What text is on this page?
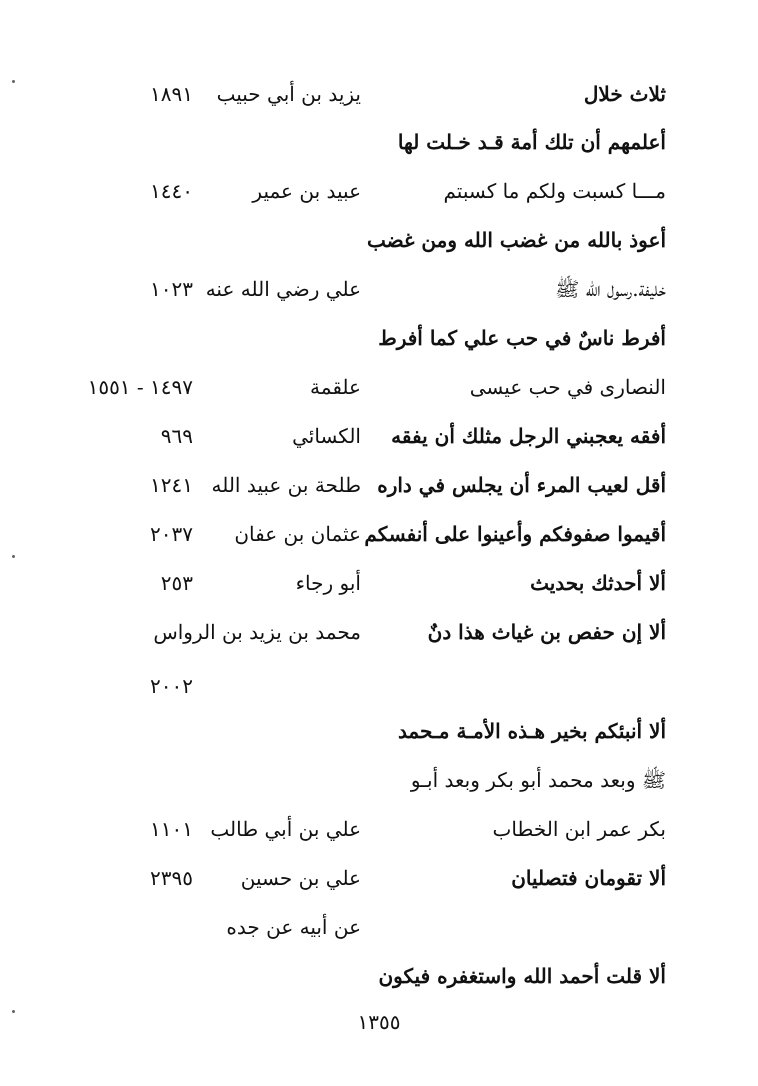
ثلاث خلال
يزيد بن أبي حبيب
١٨٩١
أعلمهم أن تلك أمة قـد خـلت لها
مـــا كسبت ولكم ما كسبتم
عبيد بن عمير
١٤٤٠
أعوذ بالله من غضب الله ومن غضب
خليفة.رسول الله ﷺ
علي رضي الله عنه
١٠٢٣
أفرط ناسٌ في حب علي كما أفرط
النصارى في حب عيسى
علقمة
١٤٩٧ - ١٥٥١
أفقه يعجبني الرجل مثلك أن يفقه
الكسائي
٩٦٩
أقل لعيب المرء أن يجلس في داره
طلحة بن عبيد الله
١٢٤١
أقيموا صفوفكم وأعينوا على أنفسكم
عثمان بن عفان
٢٠٣٧
ألا أحدثك بحديث
أبو رجاء
٢٥٣
ألا إن حفص بن غياث هذا دنٌ
محمد بن يزيد بن الرواس
٢٠٠٢
ألا أنبئكم بخير هـذه الأمـة مـحمد
ﷺ وبعد محمد أبو بكر وبعد أبـو
بكر عمر ابن الخطاب
علي بن أبي طالب
١١٠١
ألا تقومان فتصليان
علي بن حسين
٢٣٩٥
عن أبيه عن جده
ألا قلت أحمد الله واستغفره فيكون
١٣٥٥
